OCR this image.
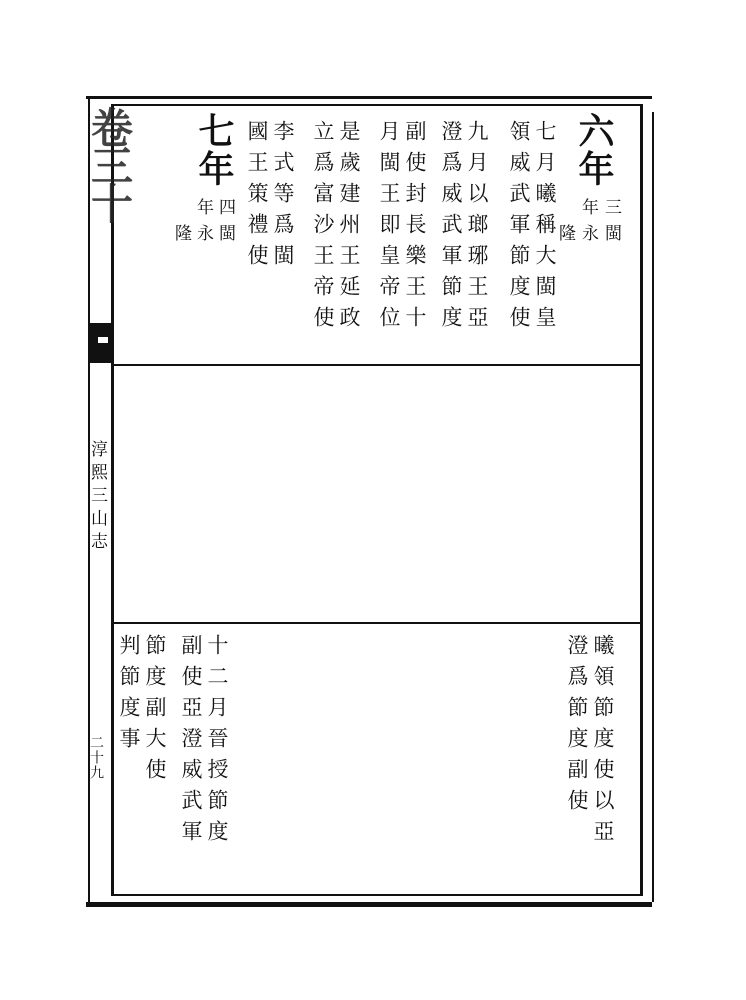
卷三十
淳熙三山志
二十九
六年
三閩
年永
　隆
七月曦稱大閩皇
領威武軍節度使
九月以瑯琊王亞
澄爲威武軍節度
副使封長樂王十
月閩王即皇帝位
是歲建州王延政
立爲富沙王帝使
李式等爲閩
國王策禮使
七年
四閩
年永
　隆
曦領節度使以亞
澄爲節度副使
十二月晉授節度
副使亞澄威武軍
節度副大使
判節度事
